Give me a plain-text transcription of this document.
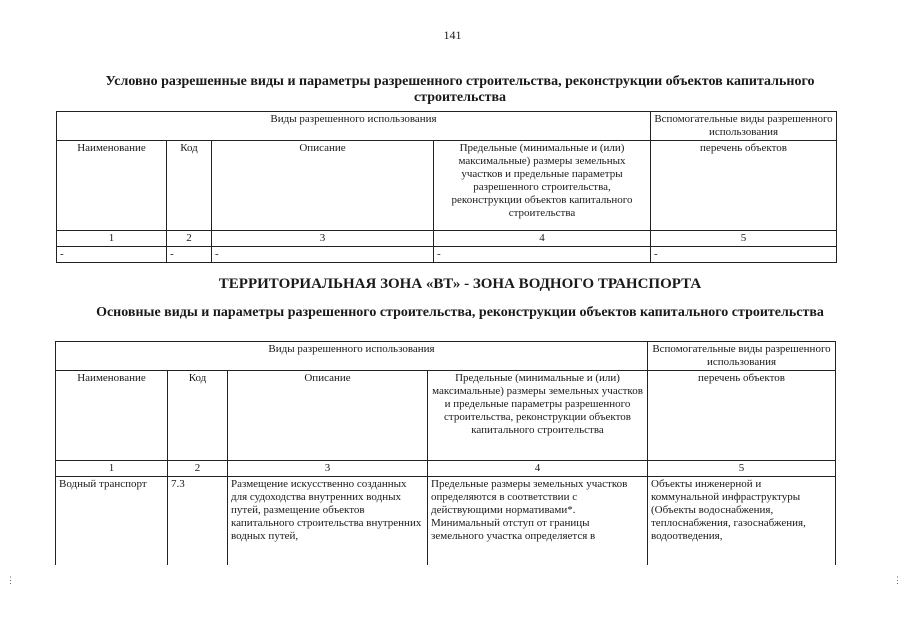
141
Условно разрешенные виды и параметры разрешенного строительства, реконструкции объектов капитального строительства
Виды разрешенного использования				Вспомогательные виды разрешенного использования
Наименование	Код	Описание	Предельные (минимальные и (или) максимальные) размеры земельных участков и предельные параметры разрешенного строительства, реконструкции объектов капитального строительства	перечень объектов
1	2	3	4	5
-	-	-	-	-
ТЕРРИТОРИАЛЬНАЯ ЗОНА «ВТ» - ЗОНА ВОДНОГО ТРАНСПОРТА
Основные виды и параметры разрешенного строительства, реконструкции объектов капитального строительства
Виды разрешенного использования				Вспомогательные виды разрешенного использования
Наименование	Код	Описание	Предельные (минимальные и (или) максимальные) размеры земельных участков и предельные параметры разрешенного строительства, реконструкции объектов капитального строительства	перечень объектов
1	2	3	4	5
Водный транспорт	7.3	Размещение искусственно созданных для судоходства внутренних водных путей, размещение объектов капитального строительства внутренних водных путей,	Предельные размеры земельных участков определяются в соответствии с действующими нормативами*. Минимальный отступ от границы земельного участка определяется в	Объекты инженерной и коммунальной инфраструктуры (Объекты водоснабжения, теплоснабжения, газоснабжения, водоотведения,
⋮	⋮
